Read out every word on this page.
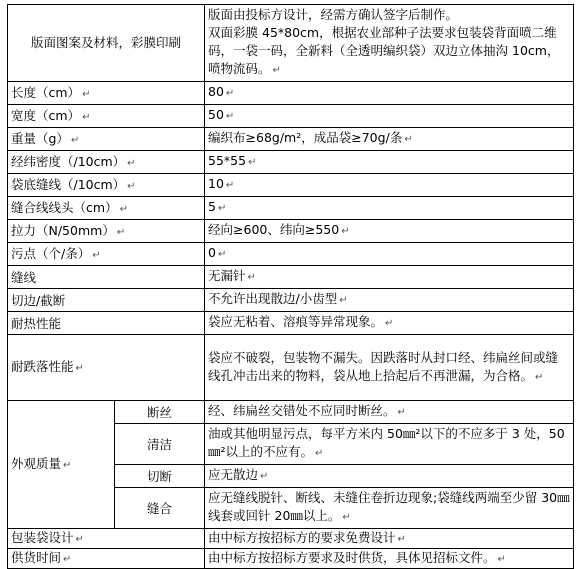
版面图案及材料，彩膜印刷		版面由投标方设计，经需方确认签字后制作。
双面彩膜 45*80cm，根据农业部种子法要求包装袋背面喷二维码，一袋一码，全新料（全透明编织袋）双边立体抽沟 10cm，喷物流码。 ↵
长度（cm） ↵		80 ↵
宽度（cm） ↵		50 ↵
重量（g） ↵		编织布≥68g/m²，成品袋≥70g/条 ↵
经纬密度（/10cm） ↵		55*55 ↵
袋底缝线（/10cm） ↵		10 ↵
缝合线线头（cm） ↵		5 ↵
拉力（N/50mm） ↵		经向≥600、纬向≥550 ↵
污点（个/条） ↵		0 ↵
缝线		无漏针 ↵
切边/截断		不允许出现散边/小齿型 ↵
耐热性能		袋应无粘着、溶痕等异常现象。 ↵
耐跌落性能 ↵		袋应不破裂，包装物不漏失。因跌落时从封口经、纬扁丝间或缝线孔冲击出来的物料，袋从地上拾起后不再泄漏，为合格。 ↵
外观质量 ↵	断丝	经、纬扁丝交错处不应同时断丝。 ↵
	清洁	油或其他明显污点，每平方米内 50㎜²以下的不应多于 3 处，50㎜²以上的不应有。 ↵
	切断	应无散边 ↵
	缝合	应无缝线脱针、断线、未缝住卷折边现象;袋缝线两端至少留 30㎜线套或回针 20㎜以上。 ↵
包装袋设计 ↵		由中标方按招标方的要求免费设计 ↵
供货时间 ↵		由中标方按招标方要求及时供货，具体见招标文件。 ↵
